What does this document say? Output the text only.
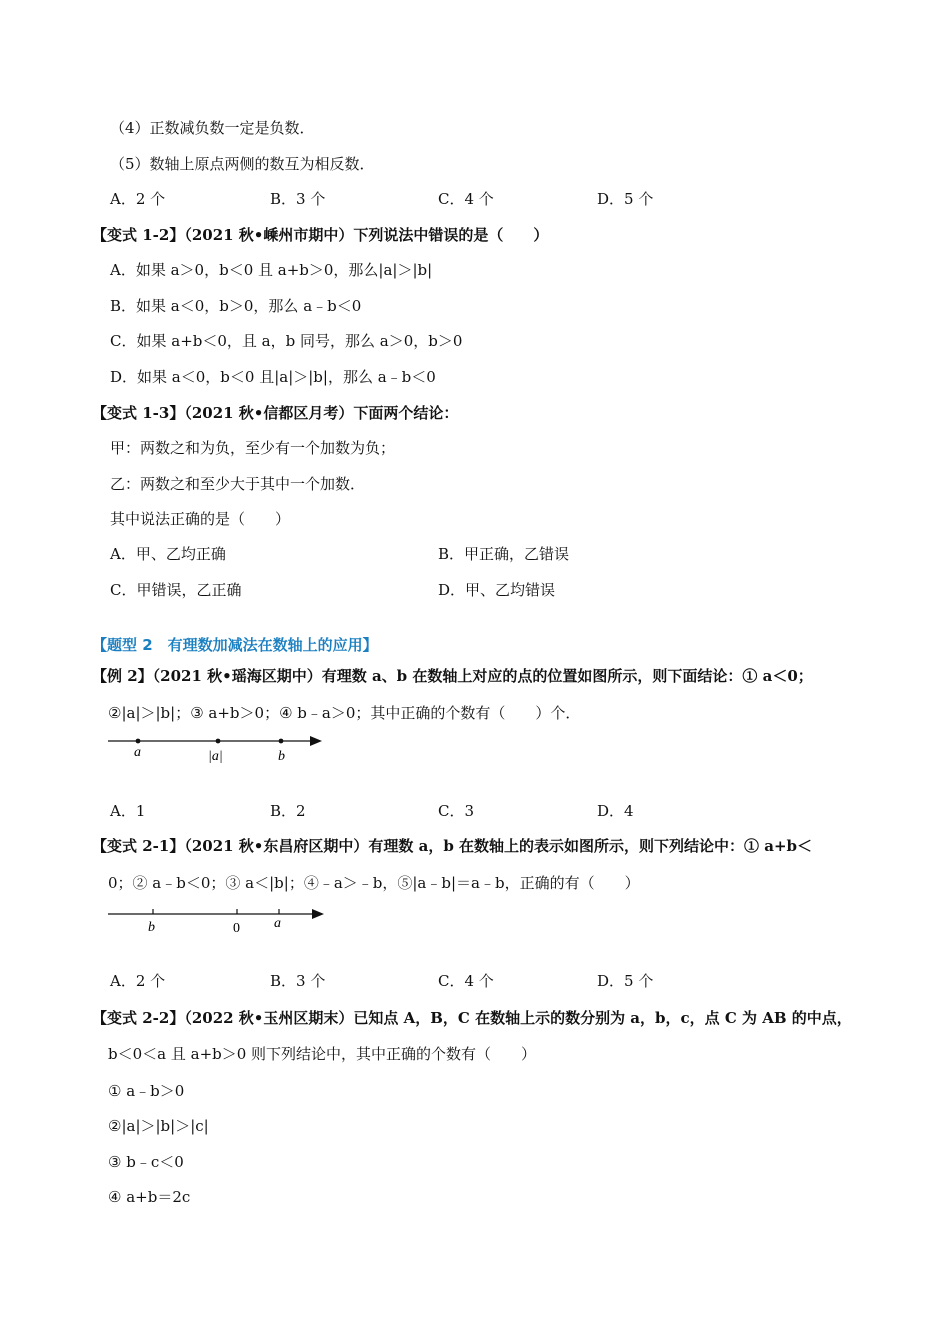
（4）正数减负数一定是负数．
（5）数轴上原点两侧的数互为相反数．
A．2 个	B．3 个	C．4 个	D．5 个
【变式 1-2】（2021 秋•嵊州市期中）下列说法中错误的是（　　）
A．如果 a＞0，b＜0 且 a+b＞0，那么|a|＞|b|
B．如果 a＜0，b＞0，那么 a﹣b＜0
C．如果 a+b＜0，且 a，b 同号，那么 a＞0，b＞0
D．如果 a＜0，b＜0 且|a|＞|b|，那么 a﹣b＜0
【变式 1-3】（2021 秋•信都区月考）下面两个结论：
甲：两数之和为负，至少有一个加数为负；
乙：两数之和至少大于其中一个加数．
其中说法正确的是（　　）
A．甲、乙均正确	B．甲正确，乙错误
C．甲错误，乙正确	D．甲、乙均错误
【题型 2　有理数加减法在数轴上的应用】
【例 2】（2021 秋•瑶海区期中）有理数 a、b 在数轴上对应的点的位置如图所示，则下面结论：① a＜0；
②|a|＞|b|；③ a+b＞0；④ b﹣a＞0；其中正确的个数有（　　）个．
a	|a|	b
A．1	B．2	C．3	D．4
【变式 2-1】（2021 秋•东昌府区期中）有理数 a，b 在数轴上的表示如图所示，则下列结论中：① a+b＜
0；② a﹣b＜0；③ a＜|b|；④﹣a＞﹣b，⑤|a﹣b|＝a﹣b，正确的有（　　）
b	0 a
A．2 个	B．3 个	C．4 个	D．5 个
【变式 2-2】（2022 秋•玉州区期末）已知点 A，B，C 在数轴上示的数分别为 a，b，c，点 C 为 AB 的中点，
b＜0＜a 且 a+b＞0 则下列结论中，其中正确的个数有（　　）
① a﹣b＞0
②|a|＞|b|＞|c|
③ b﹣c＜0
④ a+b＝2c
